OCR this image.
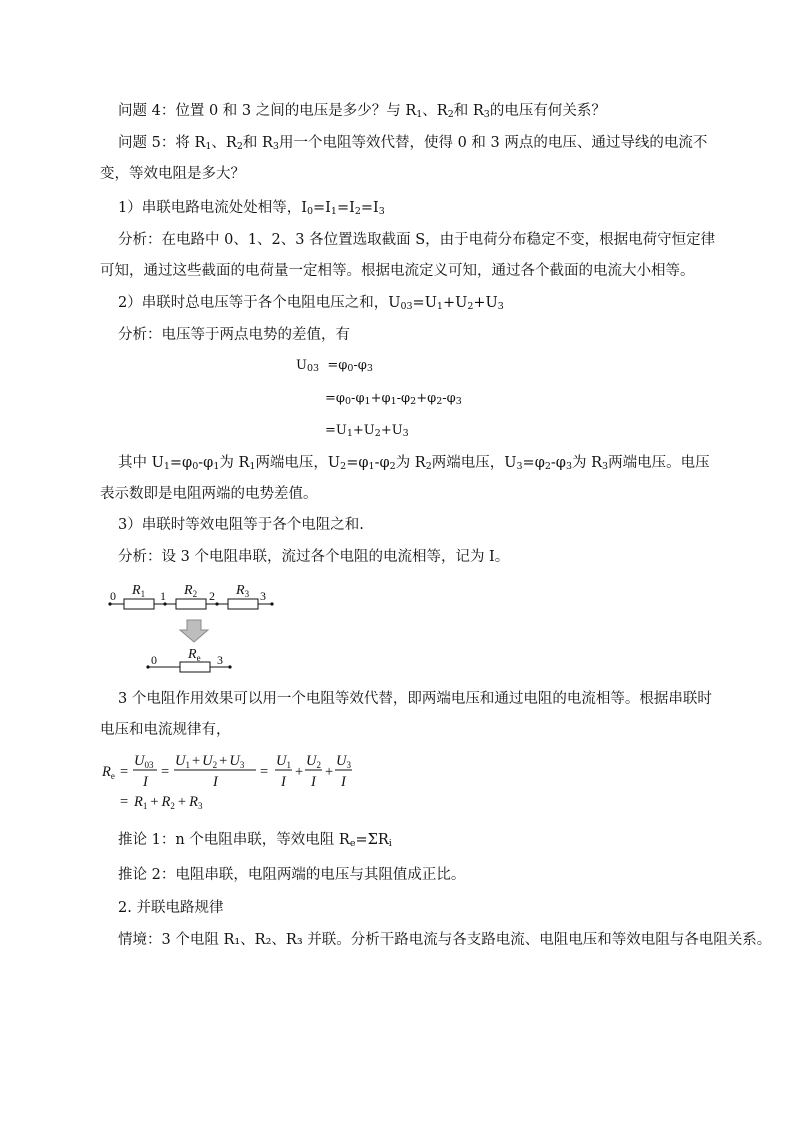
问题 4：位置 0 和 3 之间的电压是多少？与 $R_1$、$R_2$和 $R_3$的电压有何关系？
问题 5：将 $R_1$、$R_2$和 $R_3$用一个电阻等效代替，使得 0 和 3 两点的电压、通过导线的电流不变，等效电阻是多大？
1）串联电路电流处处相等，$I_0=I_1=I_2=I_3$
分析：在电路中 0、1、2、3 各位置选取截面 S，由于电荷分布稳定不变，根据电荷守恒定律可知，通过这些截面的电荷量一定相等。根据电流定义可知，通过各个截面的电流大小相等。
2）串联时总电压等于各个电阻电压之和，$U_{03}=U_1+U_2+U_3$
分析：电压等于两点电势的差值，有
$U_{03} =\varphi_0-\varphi_3$
$=\varphi_0-\varphi_1+\varphi_1-\varphi_2+\varphi_2-\varphi_3$
$=U_1+U_2+U_3$
其中 $U_1=\varphi_0-\varphi_1$为 $R_1$两端电压，$U_2=\varphi_1-\varphi_2$为 $R_2$两端电压，$U_3=\varphi_2-\varphi_3$为 $R_3$两端电压。电压表示数即是电阻两端的电势差值。
3）串联时等效电阻等于各个电阻之和.
分析：设 3 个电阻串联，流过各个电阻的电流相等，记为 I。
0	1	2	3
$R_1$	$R_2$	$R_3$
0	3
$R_e$
3 个电阻作用效果可以用一个电阻等效代替，即两端电压和通过电阻的电流相等。根据串联时电压和电流规律有，
$R_e$ =
$U_{03}$
I
=
$U_1 + U_2 + U_3$
I
=
$U_1$
I
+
$U_2$
I
+
$U_3$
I
= $R_1 + R_2 + R_3$
推论 1：n 个电阻串联，等效电阻 $R_e=\Sigma R_i$
推论 2：电阻串联，电阻两端的电压与其阻值成正比。
2. 并联电路规律
情境：3 个电阻 R₁、R₂、R₃ 并联。分析干路电流与各支路电流、电阻电压和等效电阻与各电阻关系。
